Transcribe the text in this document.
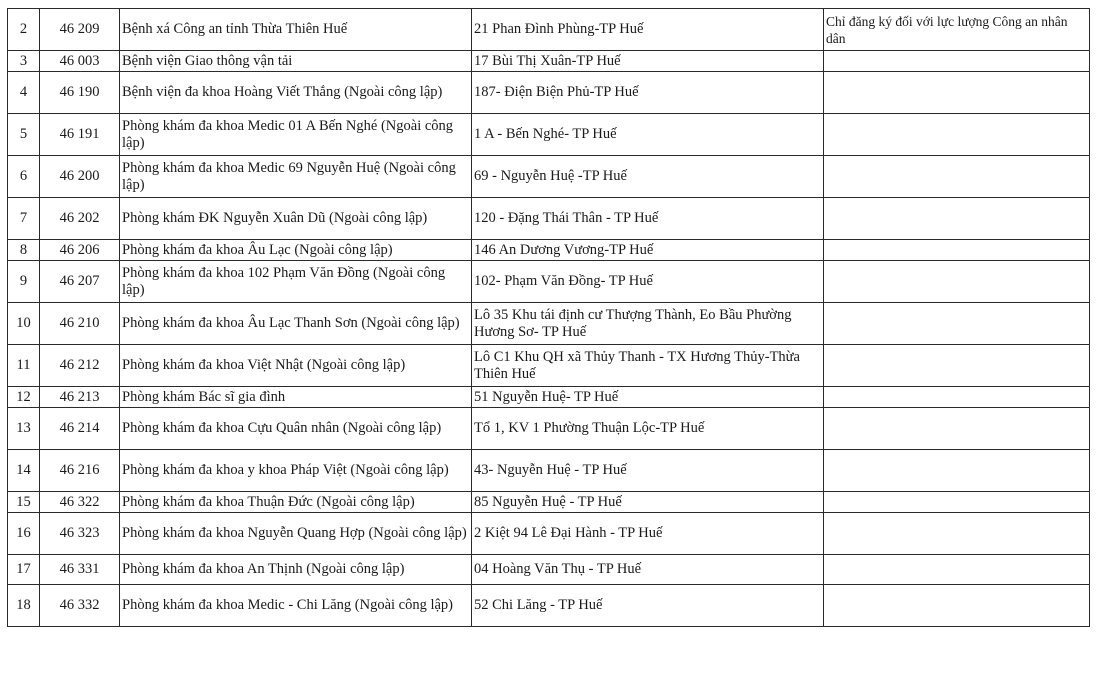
2	46 209	Bệnh xá Công an tỉnh Thừa Thiên Huế	21 Phan Đình Phùng-TP Huế	Chỉ đăng ký đối với lực lượng Công an nhân dân
3	46 003	Bệnh viện Giao thông vận tải	17 Bùi Thị Xuân-TP Huế	
4	46 190	Bệnh viện đa khoa Hoàng Viết Thắng (Ngoài công lập)	187- Điện Biện Phủ-TP Huế	
5	46 191	Phòng khám đa khoa Medic 01 A Bến Nghé (Ngoài công lập)	1 A - Bến Nghé- TP Huế	
6	46 200	Phòng khám đa khoa Medic 69 Nguyễn Huệ (Ngoài công lập)	69 - Nguyễn Huệ -TP Huế	
7	46 202	Phòng khám ĐK Nguyễn Xuân Dũ (Ngoài công lập)	120 - Đặng Thái Thân - TP Huế	
8	46 206	Phòng khám đa khoa Âu Lạc (Ngoài công lập)	146 An Dương Vương-TP Huế	
9	46 207	Phòng khám đa khoa 102 Phạm Văn Đồng (Ngoài công lập)	102- Phạm Văn Đồng- TP Huế	
10	46 210	Phòng khám đa khoa Âu Lạc Thanh Sơn (Ngoài công lập)	Lô 35 Khu tái định cư Thượng Thành, Eo Bầu Phường Hương Sơ- TP Huế	
11	46 212	Phòng khám đa khoa Việt Nhật (Ngoài công lập)	Lô C1 Khu QH xã Thủy Thanh - TX Hương Thủy-Thừa Thiên Huế	
12	46 213	Phòng khám Bác sĩ gia đình	51 Nguyễn Huệ- TP Huế	
13	46 214	Phòng khám đa khoa Cựu Quân nhân (Ngoài công lập)	Tổ 1, KV 1 Phường Thuận Lộc-TP Huế	
14	46 216	Phòng khám đa khoa y khoa Pháp Việt (Ngoài công lập)	43- Nguyễn Huệ - TP Huế	
15	46 322	Phòng khám đa khoa Thuận Đức (Ngoài công lập)	85 Nguyễn Huệ - TP Huế	
16	46 323	Phòng khám đa khoa Nguyễn Quang Hợp (Ngoài công lập)	2 Kiệt 94 Lê Đại Hành - TP Huế	
17	46 331	Phòng khám đa khoa An Thịnh (Ngoài công lập)	04 Hoàng Văn Thụ - TP Huế	
18	46 332	Phòng khám đa khoa Medic - Chi Lăng (Ngoài công lập)	52 Chi Lăng - TP Huế	
